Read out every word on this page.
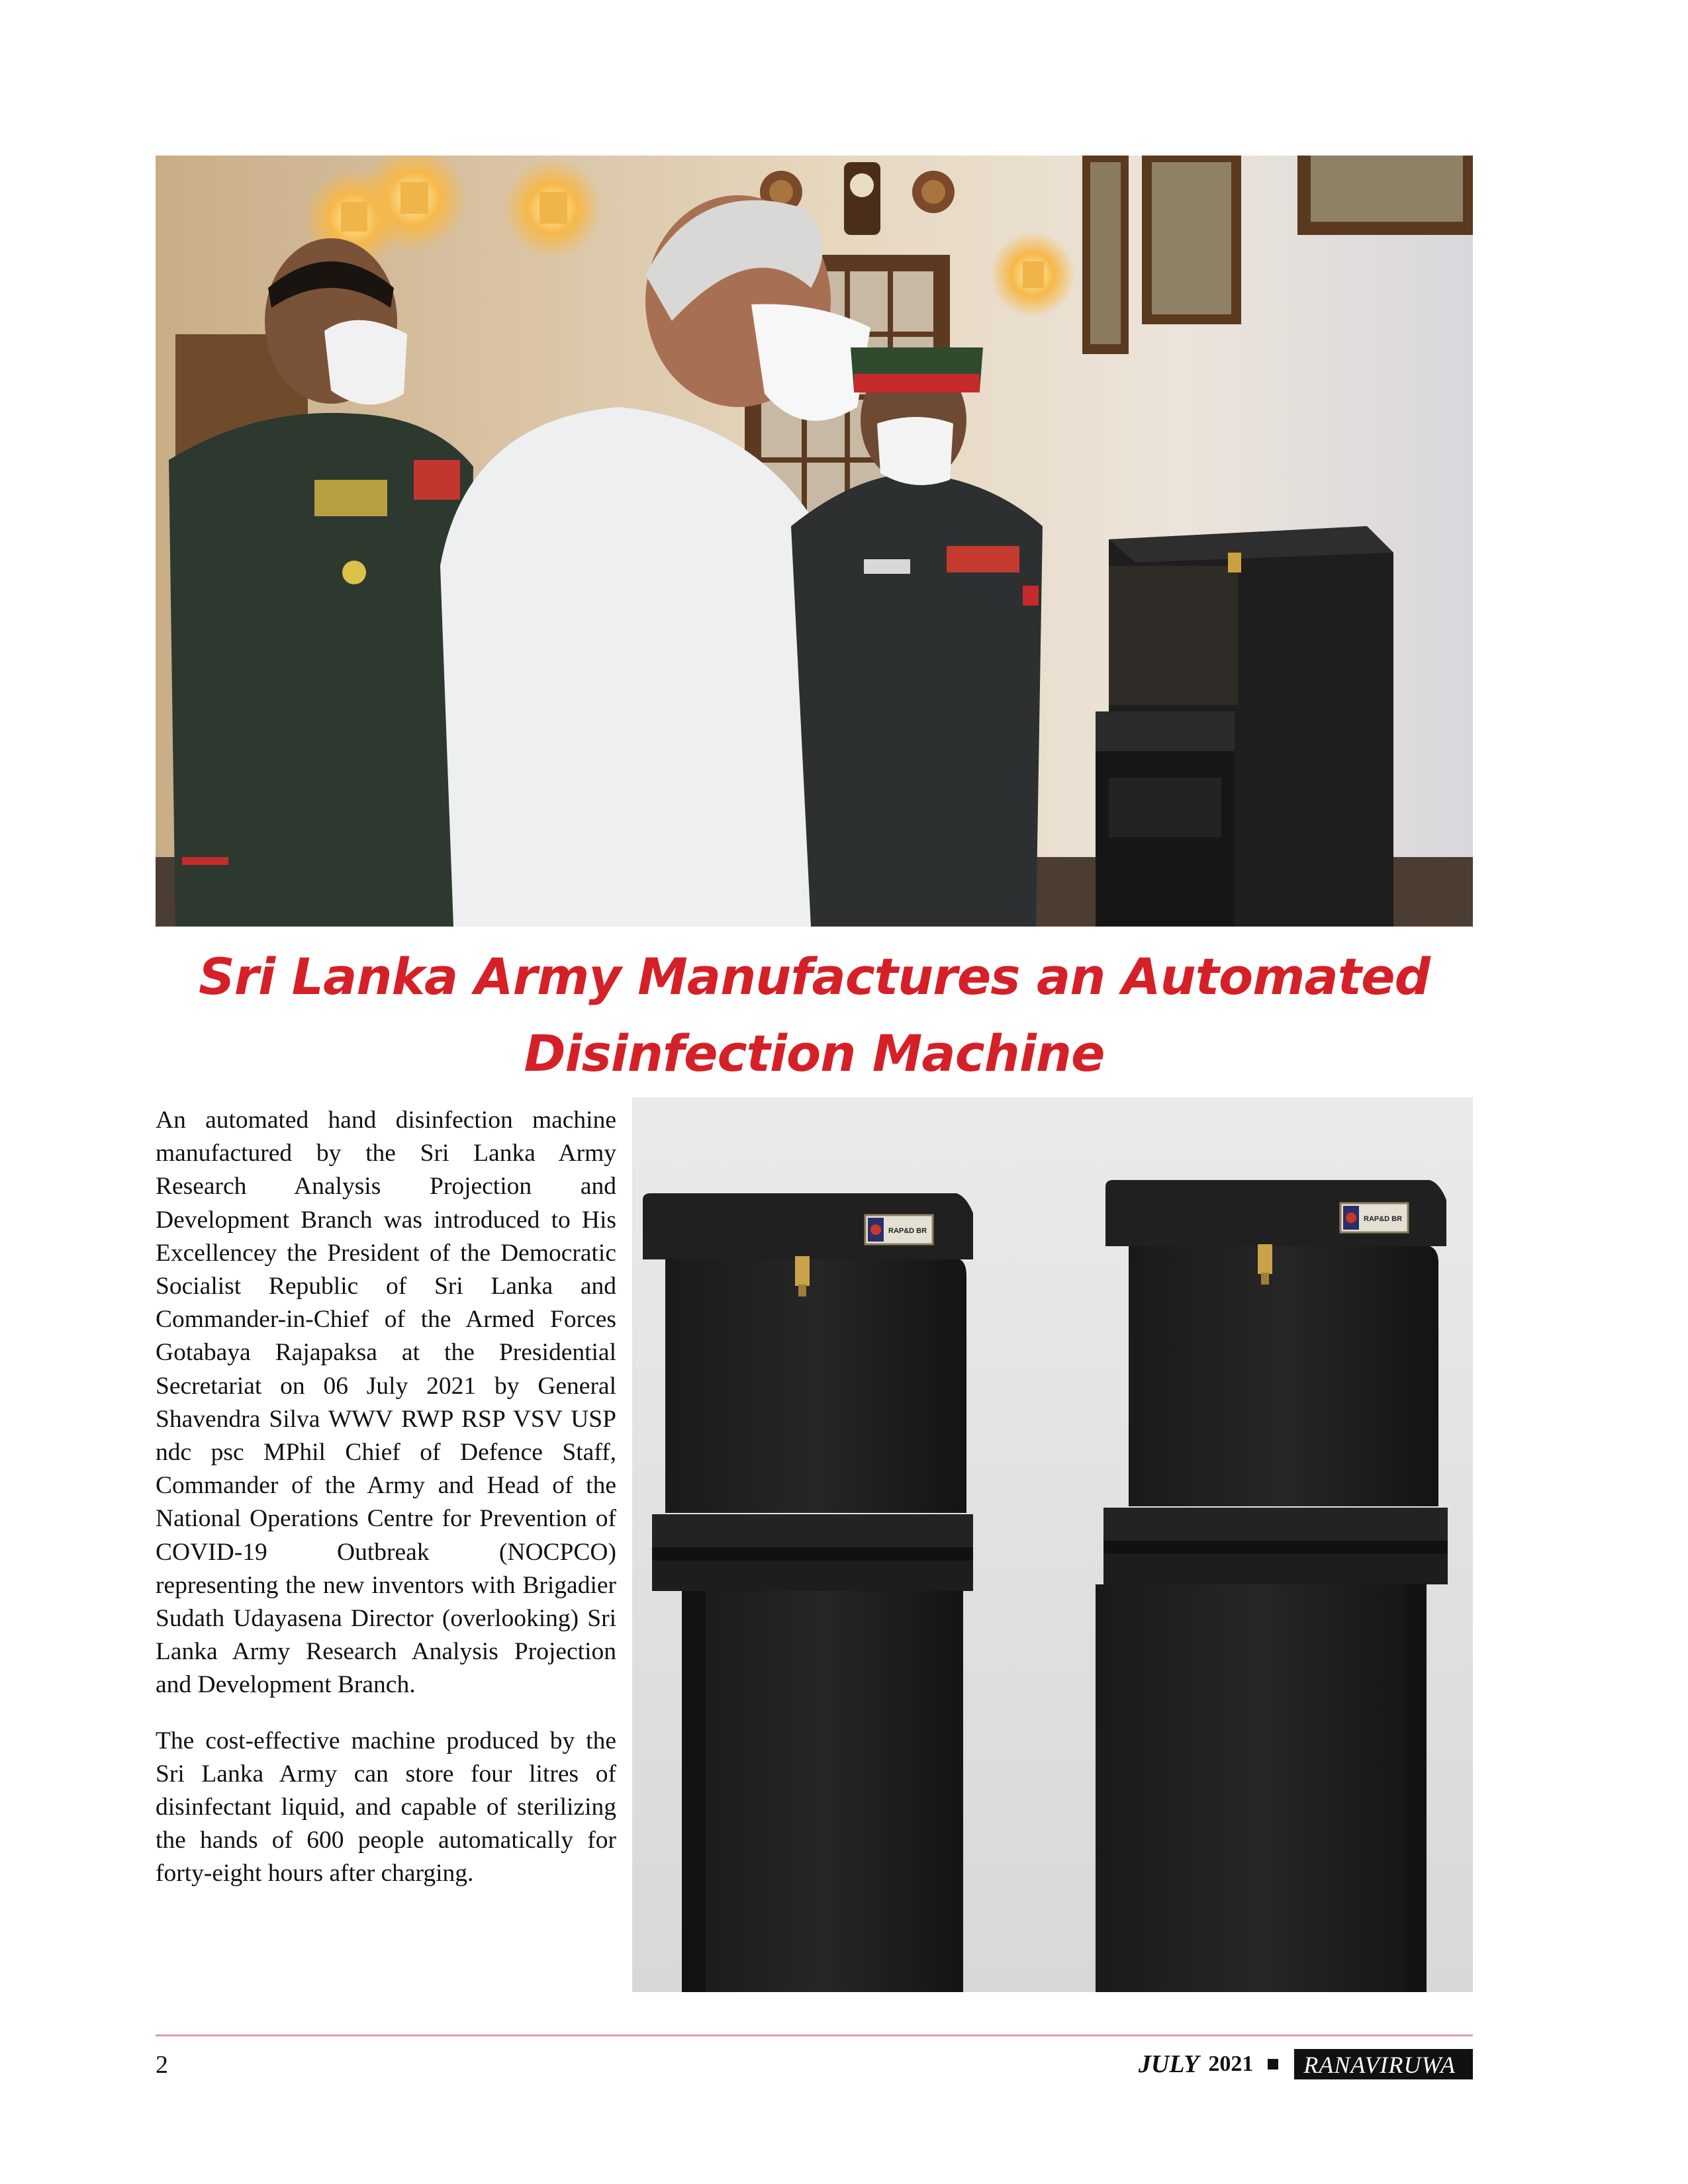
Sri Lanka Army Manufactures an Automated
Disinfection Machine

An automated hand disinfection machine manufactured by the Sri Lanka Army Research Analysis Projection and Development Branch was introduced to His Excellencey the President of the Democratic Socialist Republic of Sri Lanka and Commander-in-Chief of the Armed Forces Gotabaya Rajapaksa at the Presidential Secretariat on 06 July 2021 by General Shavendra Silva WWV RWP RSP VSV USP ndc psc MPhil Chief of Defence Staff, Commander of the Army and Head of the National Operations Centre for Prevention of COVID-19 Outbreak (NOCPCO) representing the new inventors with Brigadier Sudath Udayasena Director (overlooking) Sri Lanka Army Research Analysis Projection and Development Branch.

The cost-effective machine produced by the Sri Lanka Army can store four litres of disinfectant liquid, and capable of sterilizing the hands of 600 people automatically for forty-eight hours after charging.

RAP&D BR
RAP&D BR
2	JULY 2021	RANAVIRUWA
